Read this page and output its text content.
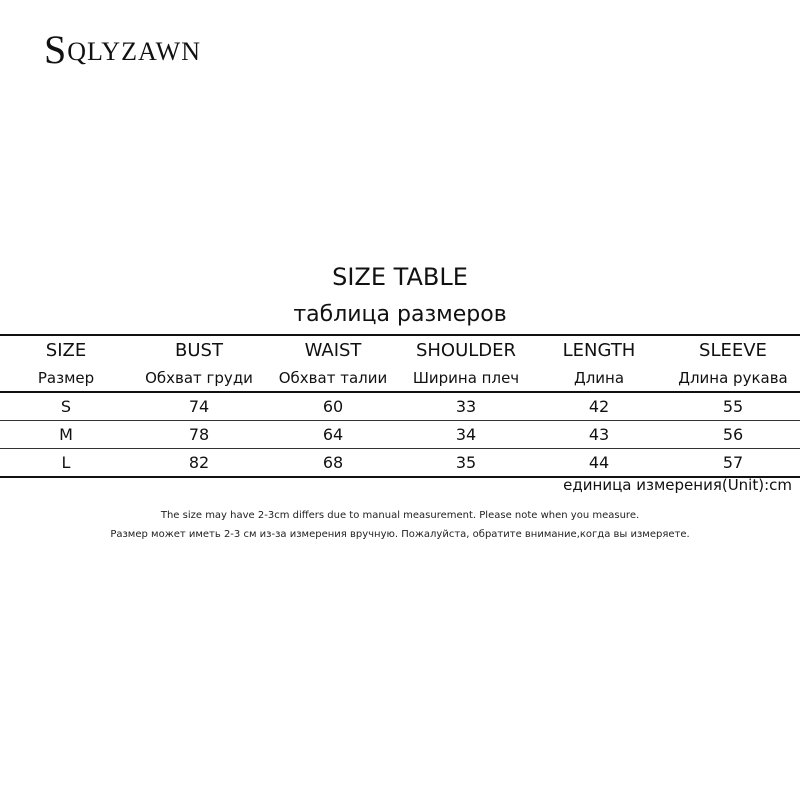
SQLYZAWN
SIZE TABLE
таблица размеров
SIZE	BUST	WAIST	SHOULDER	LENGTH	SLEEVE
Размер	Обхват груди	Обхват талии	Ширина плеч	Длина	Длина рукава
S	74	60	33	42	55
M	78	64	34	43	56
L	82	68	35	44	57
единица измерения(Unit):cm
The size may have 2-3cm differs due to manual measurement. Please note when you measure.
Размер может иметь 2-3 см из-за измерения вручную. Пожалуйста, обратите внимание,когда вы измеряете.
